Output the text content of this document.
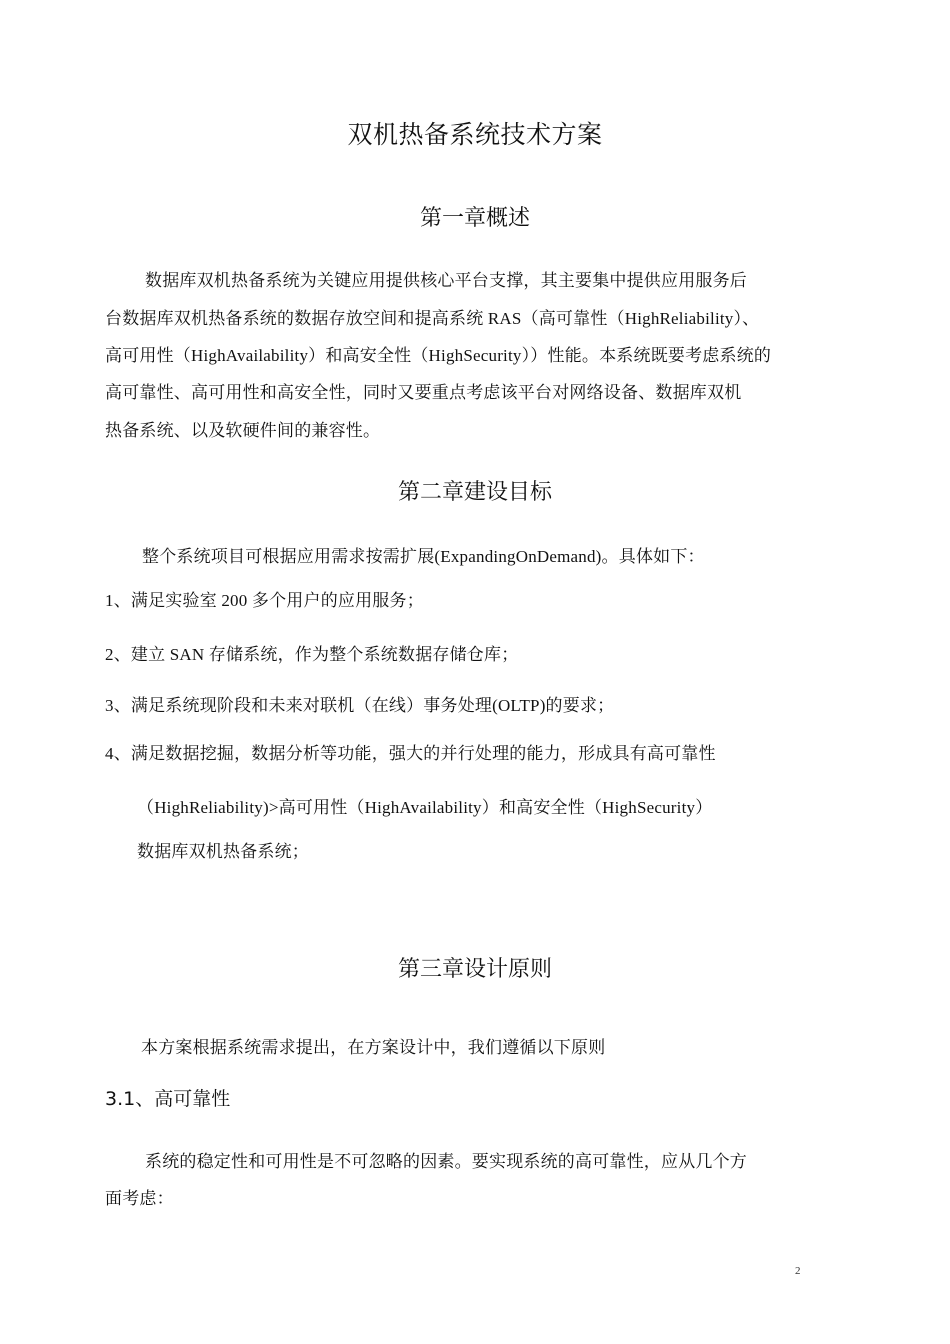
双机热备系统技术方案
第一章概述
数据库双机热备系统为关键应用提供核心平台支撑，其主要集中提供应用服务后
台数据库双机热备系统的数据存放空间和提高系统 RAS（高可靠性（HighReliability）、
高可用性（HighAvailability）和高安全性（HighSecurity））性能。本系统既要考虑系统的
高可靠性、高可用性和高安全性，同时又要重点考虑该平台对网络设备、数据库双机
热备系统、以及软硬件间的兼容性。
第二章建设目标
整个系统项目可根据应用需求按需扩展(ExpandingOnDemand)。具体如下：
1、满足实验室 200 多个用户的应用服务；
2、建立 SAN 存储系统，作为整个系统数据存储仓库；
3、满足系统现阶段和未来对联机（在线）事务处理(OLTP)的要求；
4、满足数据挖掘，数据分析等功能，强大的并行处理的能力，形成具有高可靠性
（HighReliability)>高可用性（HighAvailability）和高安全性（HighSecurity）
数据库双机热备系统；
第三章设计原则
本方案根据系统需求提出，在方案设计中，我们遵循以下原则
3.1、高可靠性
系统的稳定性和可用性是不可忽略的因素。要实现系统的高可靠性，应从几个方
面考虑：
2
